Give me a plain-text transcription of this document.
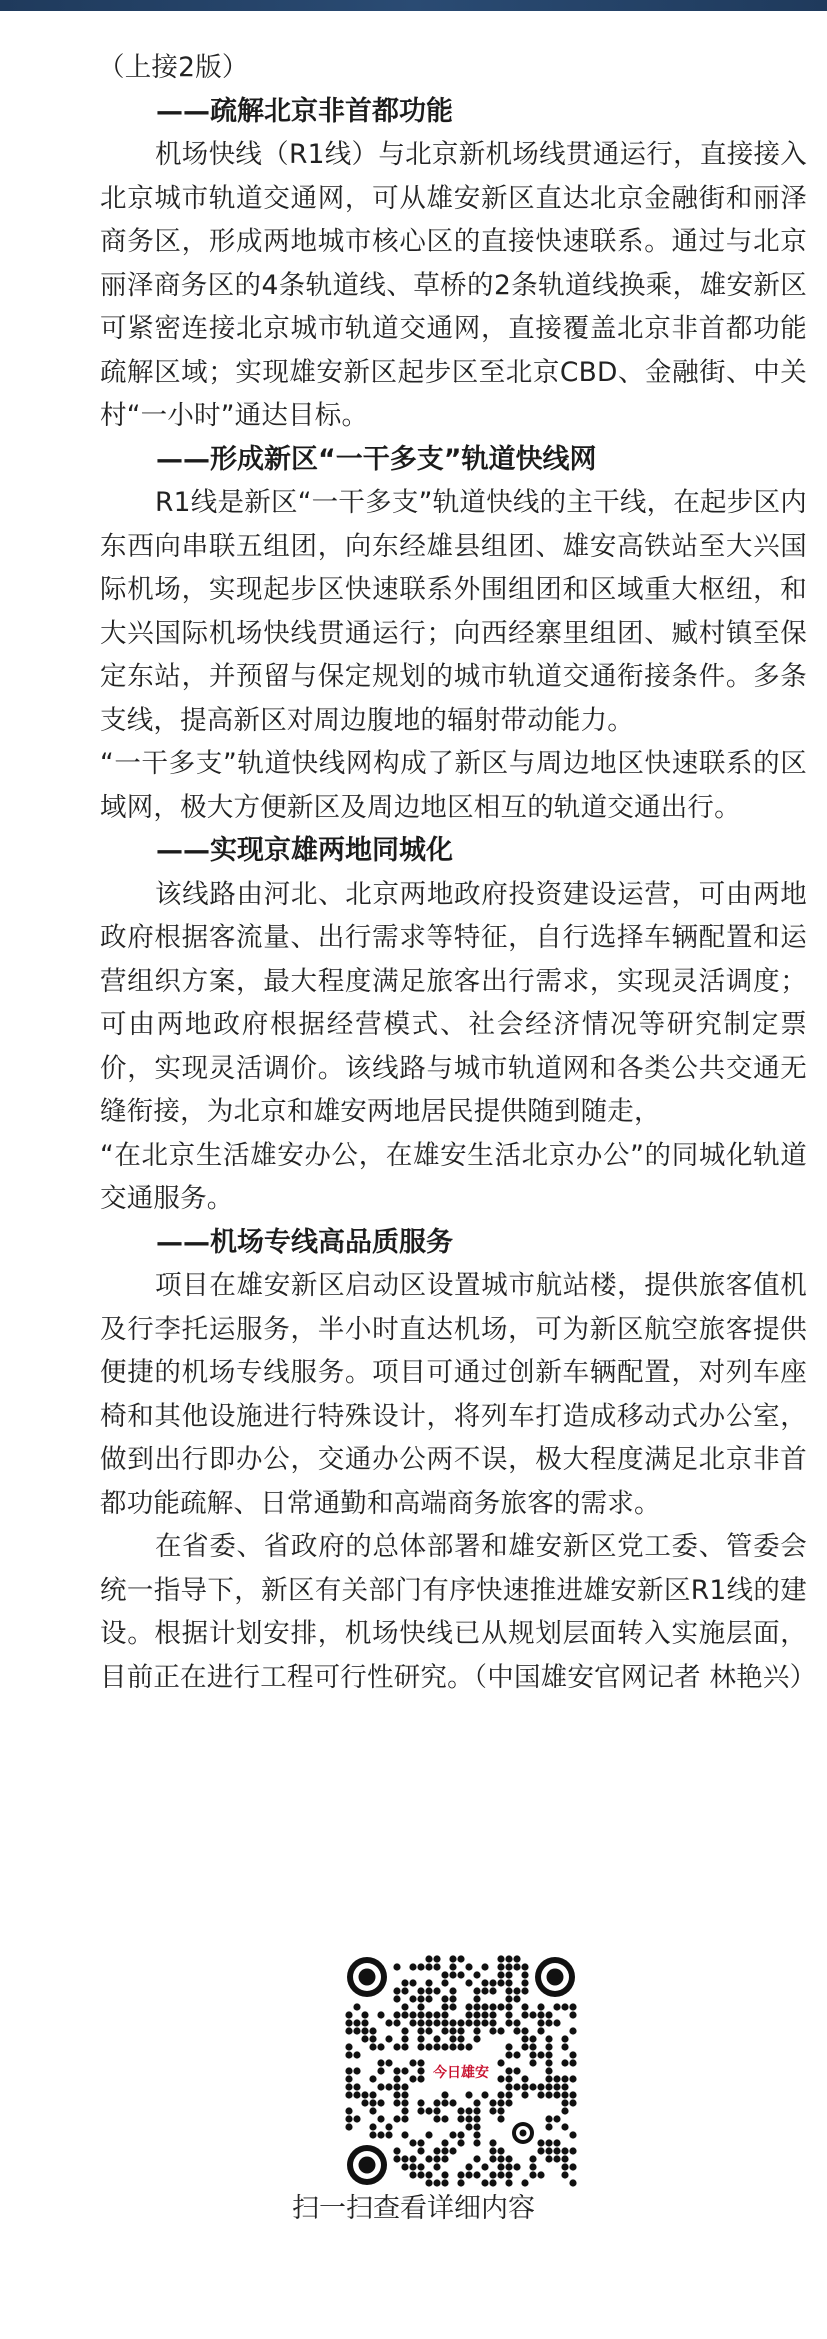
（上接2版）

——疏解北京非首都功能

机场快线（R1线）与北京新机场线贯通运行，直接接入北京城市轨道交通网，可从雄安新区直达北京金融街和丽泽商务区，形成两地城市核心区的直接快速联系。通过与北京丽泽商务区的4条轨道线、草桥的2条轨道线换乘，雄安新区可紧密连接北京城市轨道交通网，直接覆盖北京非首都功能疏解区域；实现雄安新区起步区至北京CBD、金融街、中关村“一小时”通达目标。

——形成新区“一干多支”轨道快线网

R1线是新区“一干多支”轨道快线的主干线，在起步区内东西向串联五组团，向东经雄县组团、雄安高铁站至大兴国际机场，实现起步区快速联系外围组团和区域重大枢纽，和大兴国际机场快线贯通运行；向西经寨里组团、臧村镇至保定东站，并预留与保定规划的城市轨道交通衔接条件。多条支线，提高新区对周边腹地的辐射带动能力。

“一干多支”轨道快线网构成了新区与周边地区快速联系的区域网，极大方便新区及周边地区相互的轨道交通出行。

——实现京雄两地同城化

该线路由河北、北京两地政府投资建设运营，可由两地政府根据客流量、出行需求等特征，自行选择车辆配置和运营组织方案，最大程度满足旅客出行需求，实现灵活调度；可由两地政府根据经营模式、社会经济情况等研究制定票价，实现灵活调价。该线路与城市轨道网和各类公共交通无缝衔接，为北京和雄安两地居民提供随到随走，

“在北京生活雄安办公，在雄安生活北京办公”的同城化轨道交通服务。

——机场专线高品质服务

项目在雄安新区启动区设置城市航站楼，提供旅客值机及行李托运服务，半小时直达机场，可为新区航空旅客提供便捷的机场专线服务。项目可通过创新车辆配置，对列车座椅和其他设施进行特殊设计，将列车打造成移动式办公室，做到出行即办公，交通办公两不误，极大程度满足北京非首都功能疏解、日常通勤和高端商务旅客的需求。

在省委、省政府的总体部署和雄安新区党工委、管委会统一指导下，新区有关部门有序快速推进雄安新区R1线的建设。根据计划安排，机场快线已从规划层面转入实施层面，目前正在进行工程可行性研究。（中国雄安官网记者 林艳兴）

今日雄安
扫一扫查看详细内容
